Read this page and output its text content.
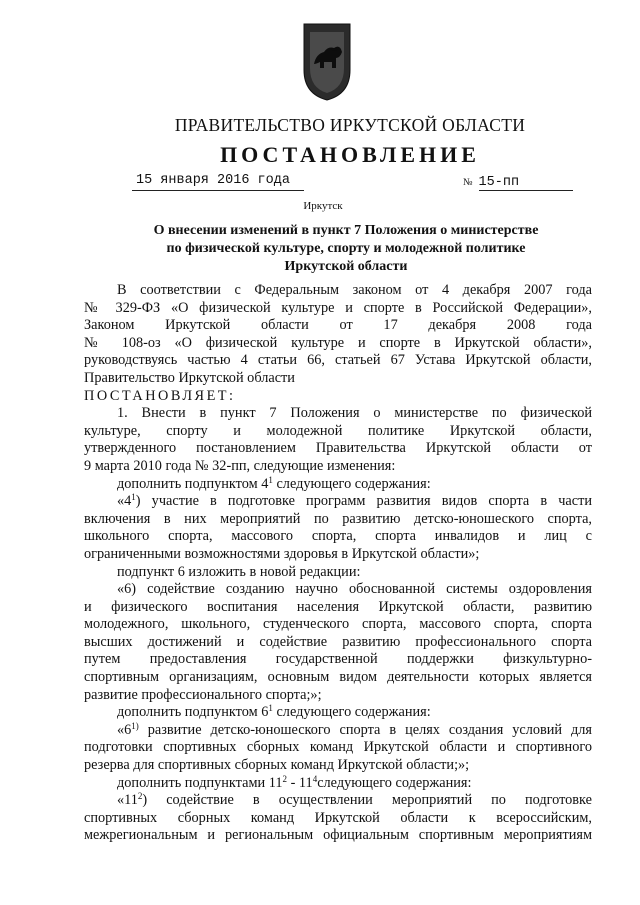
ПРАВИТЕЛЬСТВО ИРКУТСКОЙ ОБЛАСТИ
ПОСТАНОВЛЕНИЕ
15 января 2016 года	№ 15-пп
Иркутск
О внесении изменений в пункт 7 Положения о министерстве
по физической культуре, спорту и молодежной политике
Иркутской области

В соответствии с Федеральным законом от 4 декабря 2007 года

№ 329-ФЗ «О физической культуре и спорте в Российской Федерации»,

Законом Иркутской области от 17 декабря 2008 года

№ 108-оз «О физической культуре и спорте в Иркутской области»,

руководствуясь частью 4 статьи 66, статьей 67 Устава Иркутской области,

Правительство Иркутской области

ПОСТАНОВЛЯЕТ:

1. Внести в пункт 7 Положения о министерстве по физической

культуре, спорту и молодежной политике Иркутской области,

утвержденного постановлением Правительства Иркутской области от

9 марта 2010 года № 32-пп, следующие изменения:

дополнить подпунктом $4^1$ следующего содержания:

«$4^1$) участие в подготовке программ развития видов спорта в части

включения в них мероприятий по развитию детско-юношеского спорта,

школьного спорта, массового спорта, спорта инвалидов и лиц с

ограниченными возможностями здоровья в Иркутской области»;

подпункт 6 изложить в новой редакции:

«6) содействие созданию научно обоснованной системы оздоровления

и физического воспитания населения Иркутской области, развитию

молодежного, школьного, студенческого спорта, массового спорта, спорта

высших достижений и содействие развитию профессионального спорта

путем предоставления государственной поддержки физкультурно-

спортивным организациям, основным видом деятельности которых является

развитие профессионального спорта;»;

дополнить подпунктом $6^1$ следующего содержания:

«6$^{1)}$ развитие детско-юношеского спорта в целях создания условий для

подготовки спортивных сборных команд Иркутской области и спортивного

резерва для спортивных сборных команд Иркутской области;»;

дополнить подпунктами $11^2$ - $11^4следующего$ содержания:

«$11^2$) содействие в осуществлении мероприятий по подготовке

спортивных сборных команд Иркутской области к всероссийским,

межрегиональным и региональным официальным спортивным мероприятиям
